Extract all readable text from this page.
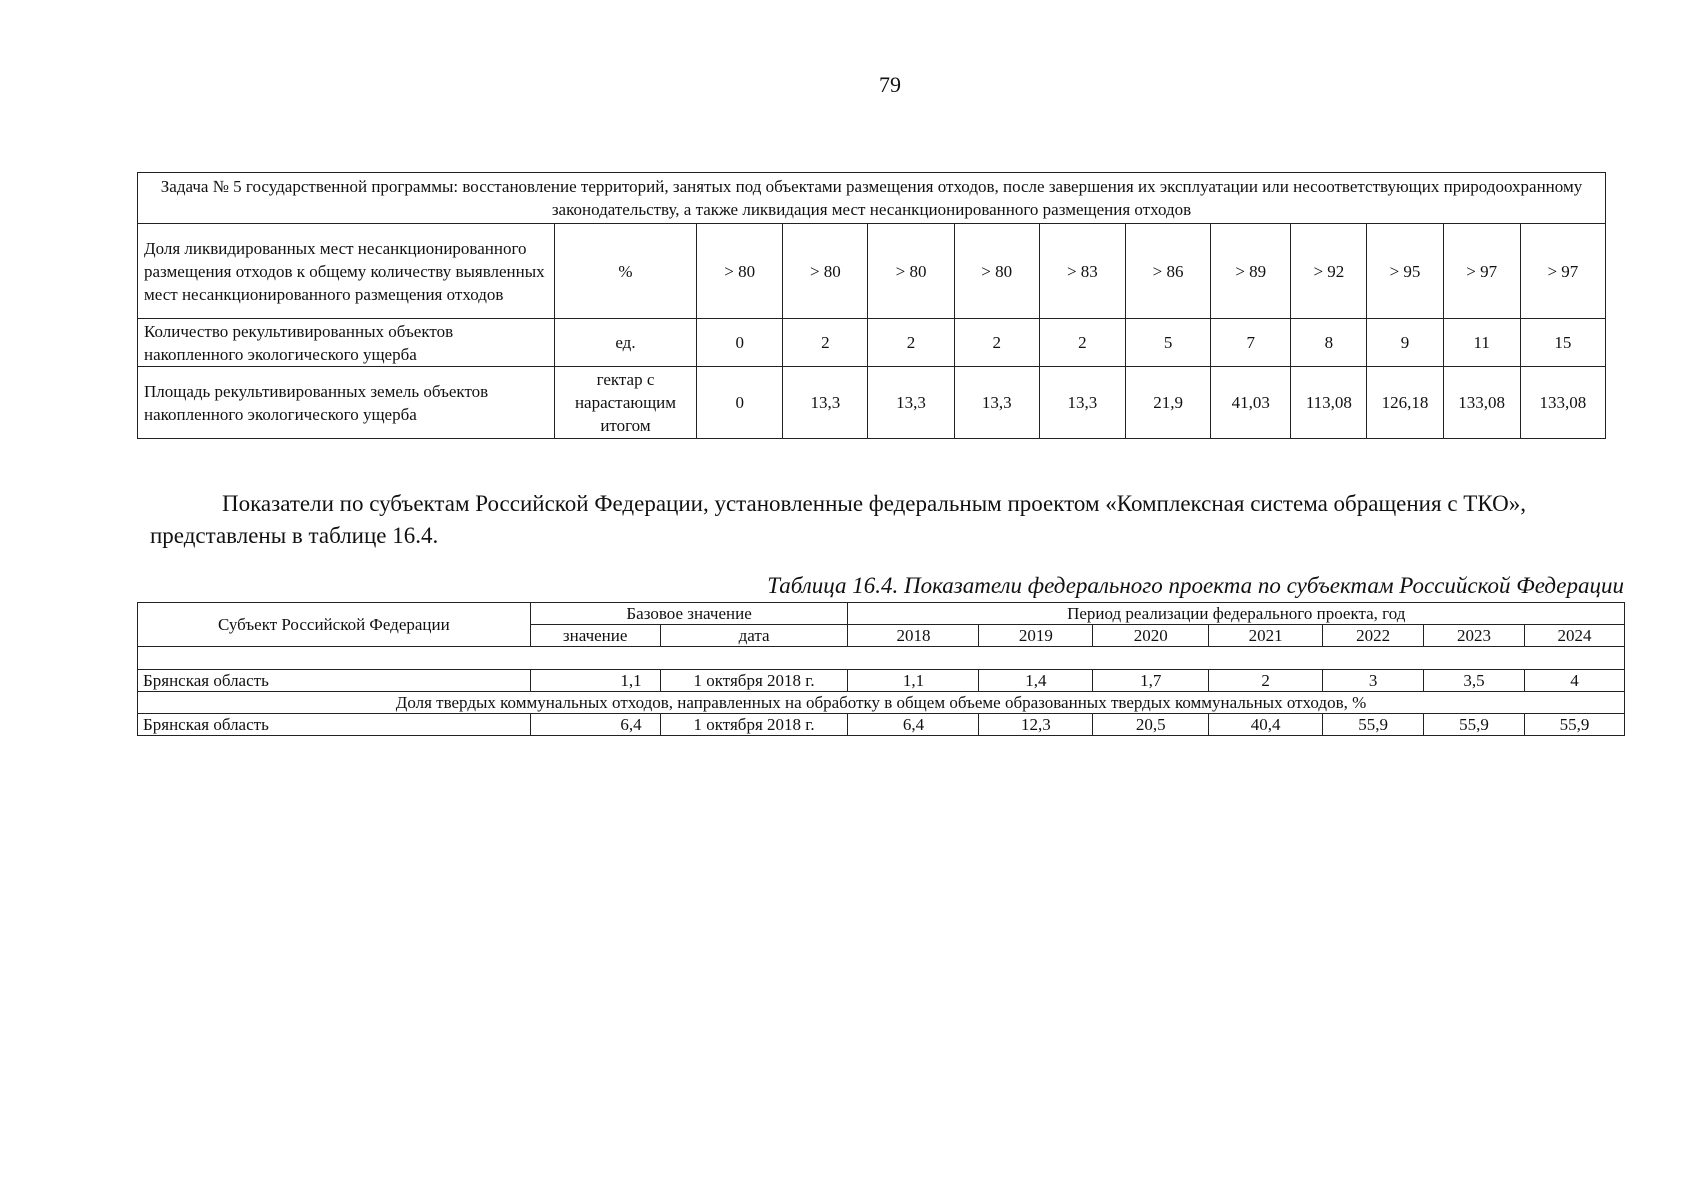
79
Задача № 5 государственной программы: восстановление территорий, занятых под объектами размещения отходов, после завершения их эксплуатации или несоответствующих природоохранному законодательству, а также ликвидация мест несанкционированного размещения отходов												
Доля ликвидированных мест несанкционированного размещения отходов к общему количеству выявленных мест несанкционированного размещения отходов	%	> 80	> 80	> 80	> 80	> 83	> 86	> 89	> 92	> 95	> 97	> 97
Количество рекультивированных объектов накопленного экологического ущерба	ед.	0	2	2	2	2	5	7	8	9	11	15
Площадь рекультивированных земель объектов накопленного экологического ущерба	гектар с нарастающим итогом	0	13,3	13,3	13,3	13,3	21,9	41,03	113,08	126,18	133,08	133,08

Показатели по субъектам Российской Федерации, установленные федеральным проектом «Комплексная система обращения с ТКО», представлены в таблице 16.4.

Таблица 16.4. Показатели федерального проекта по субъектам Российской Федерации
Субъект Российской Федерации	Базовое значение		Период реализации федерального проекта, год						
	значение	дата	2018	2019	2020	2021	2022	2023	2024

Брянская область	1,1	1 октября 2018 г.	1,1	1,4	1,7	2	3	3,5	4
Доля твердых коммунальных отходов, направленных на обработку в общем объеме образованных твердых коммунальных отходов, %									
Брянская область	6,4	1 октября 2018 г.	6,4	12,3	20,5	40,4	55,9	55,9	55,9
